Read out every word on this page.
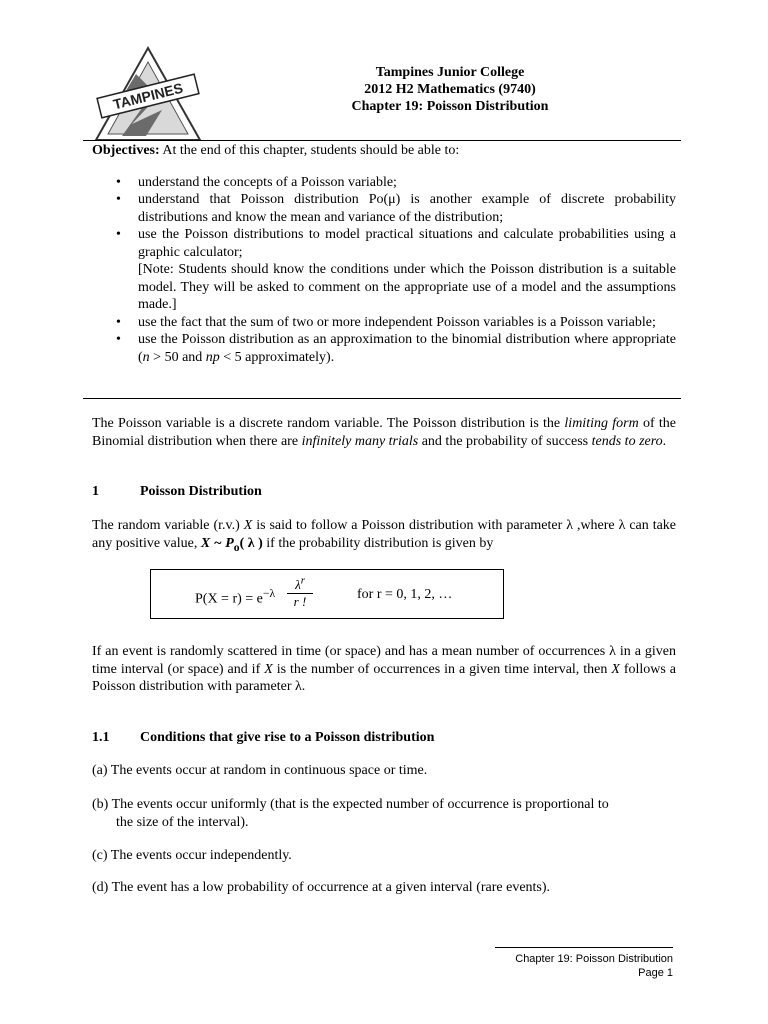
TAMPINES
Tampines Junior College
2012 H2 Mathematics (9740)
Chapter 19: Poisson Distribution

Objectives: At the end of this chapter, students should be able to:

• understand the concepts of a Poisson variable;
• understand that Poisson distribution Po(μ) is another example of discrete probability distributions and know the mean and variance of the distribution;
• use the Poisson distributions to model practical situations and calculate probabilities using a graphic calculator;
[Note: Students should know the conditions under which the Poisson distribution is a suitable model. They will be asked to comment on the appropriate use of a model and the assumptions made.]
• use the fact that the sum of two or more independent Poisson variables is a Poisson variable;
• use the Poisson distribution as an approximation to the binomial distribution where appropriate (n > 50 and np < 5 approximately).
The Poisson variable is a discrete random variable. The Poisson distribution is the limiting form of the Binomial distribution when there are infinitely many trials and the probability of success tends to zero.
1	Poisson Distribution
The random variable (r.v.) X is said to follow a Poisson distribution with parameter λ ,where λ can take any positive value, X ~ $P_o$( λ ) if the probability distribution is given by
$P(X = r) = e^{-\lambda}$
$\lambda^r$
r !	for r = 0, 1, 2, …
If an event is randomly scattered in time (or space) and has a mean number of occurrences λ in a given time interval (or space) and if X is the number of occurrences in a given time interval, then X follows a Poisson distribution with parameter λ.
1.1 Conditions that give rise to a Poisson distribution
(a) The events occur at random in continuous space or time.
(b) The events occur uniformly (that is the expected number of occurrence is proportional to
the size of the interval).
(c) The events occur independently.
(d) The event has a low probability of occurrence at a given interval (rare events).
Chapter 19: Poisson Distribution
Page 1
